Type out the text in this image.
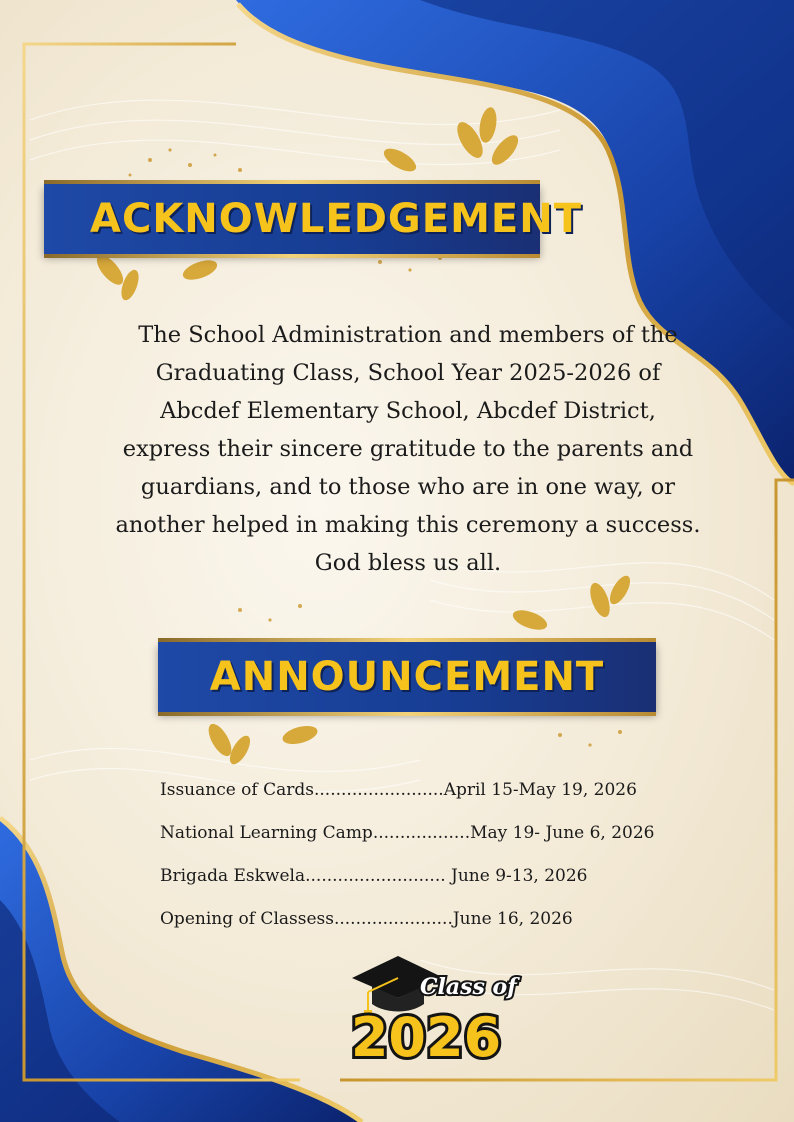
ACKNOWLEDGEMENT
The School Administration and members of the
Graduating Class, School Year 2025-2026 of
Abcdef Elementary School, Abcdef District,
express their sincere gratitude to the parents and
guardians, and to those who are in one way, or
another helped in making this ceremony a success.
God bless us all.
ANNOUNCEMENT
Issuance of Cards........................April 15-May 19, 2026
National Learning Camp..................May 19- June 6, 2026
Brigada Eskwela.......................... June 9-13, 2026
Opening of Classess......................June 16, 2026
Class of
2026
